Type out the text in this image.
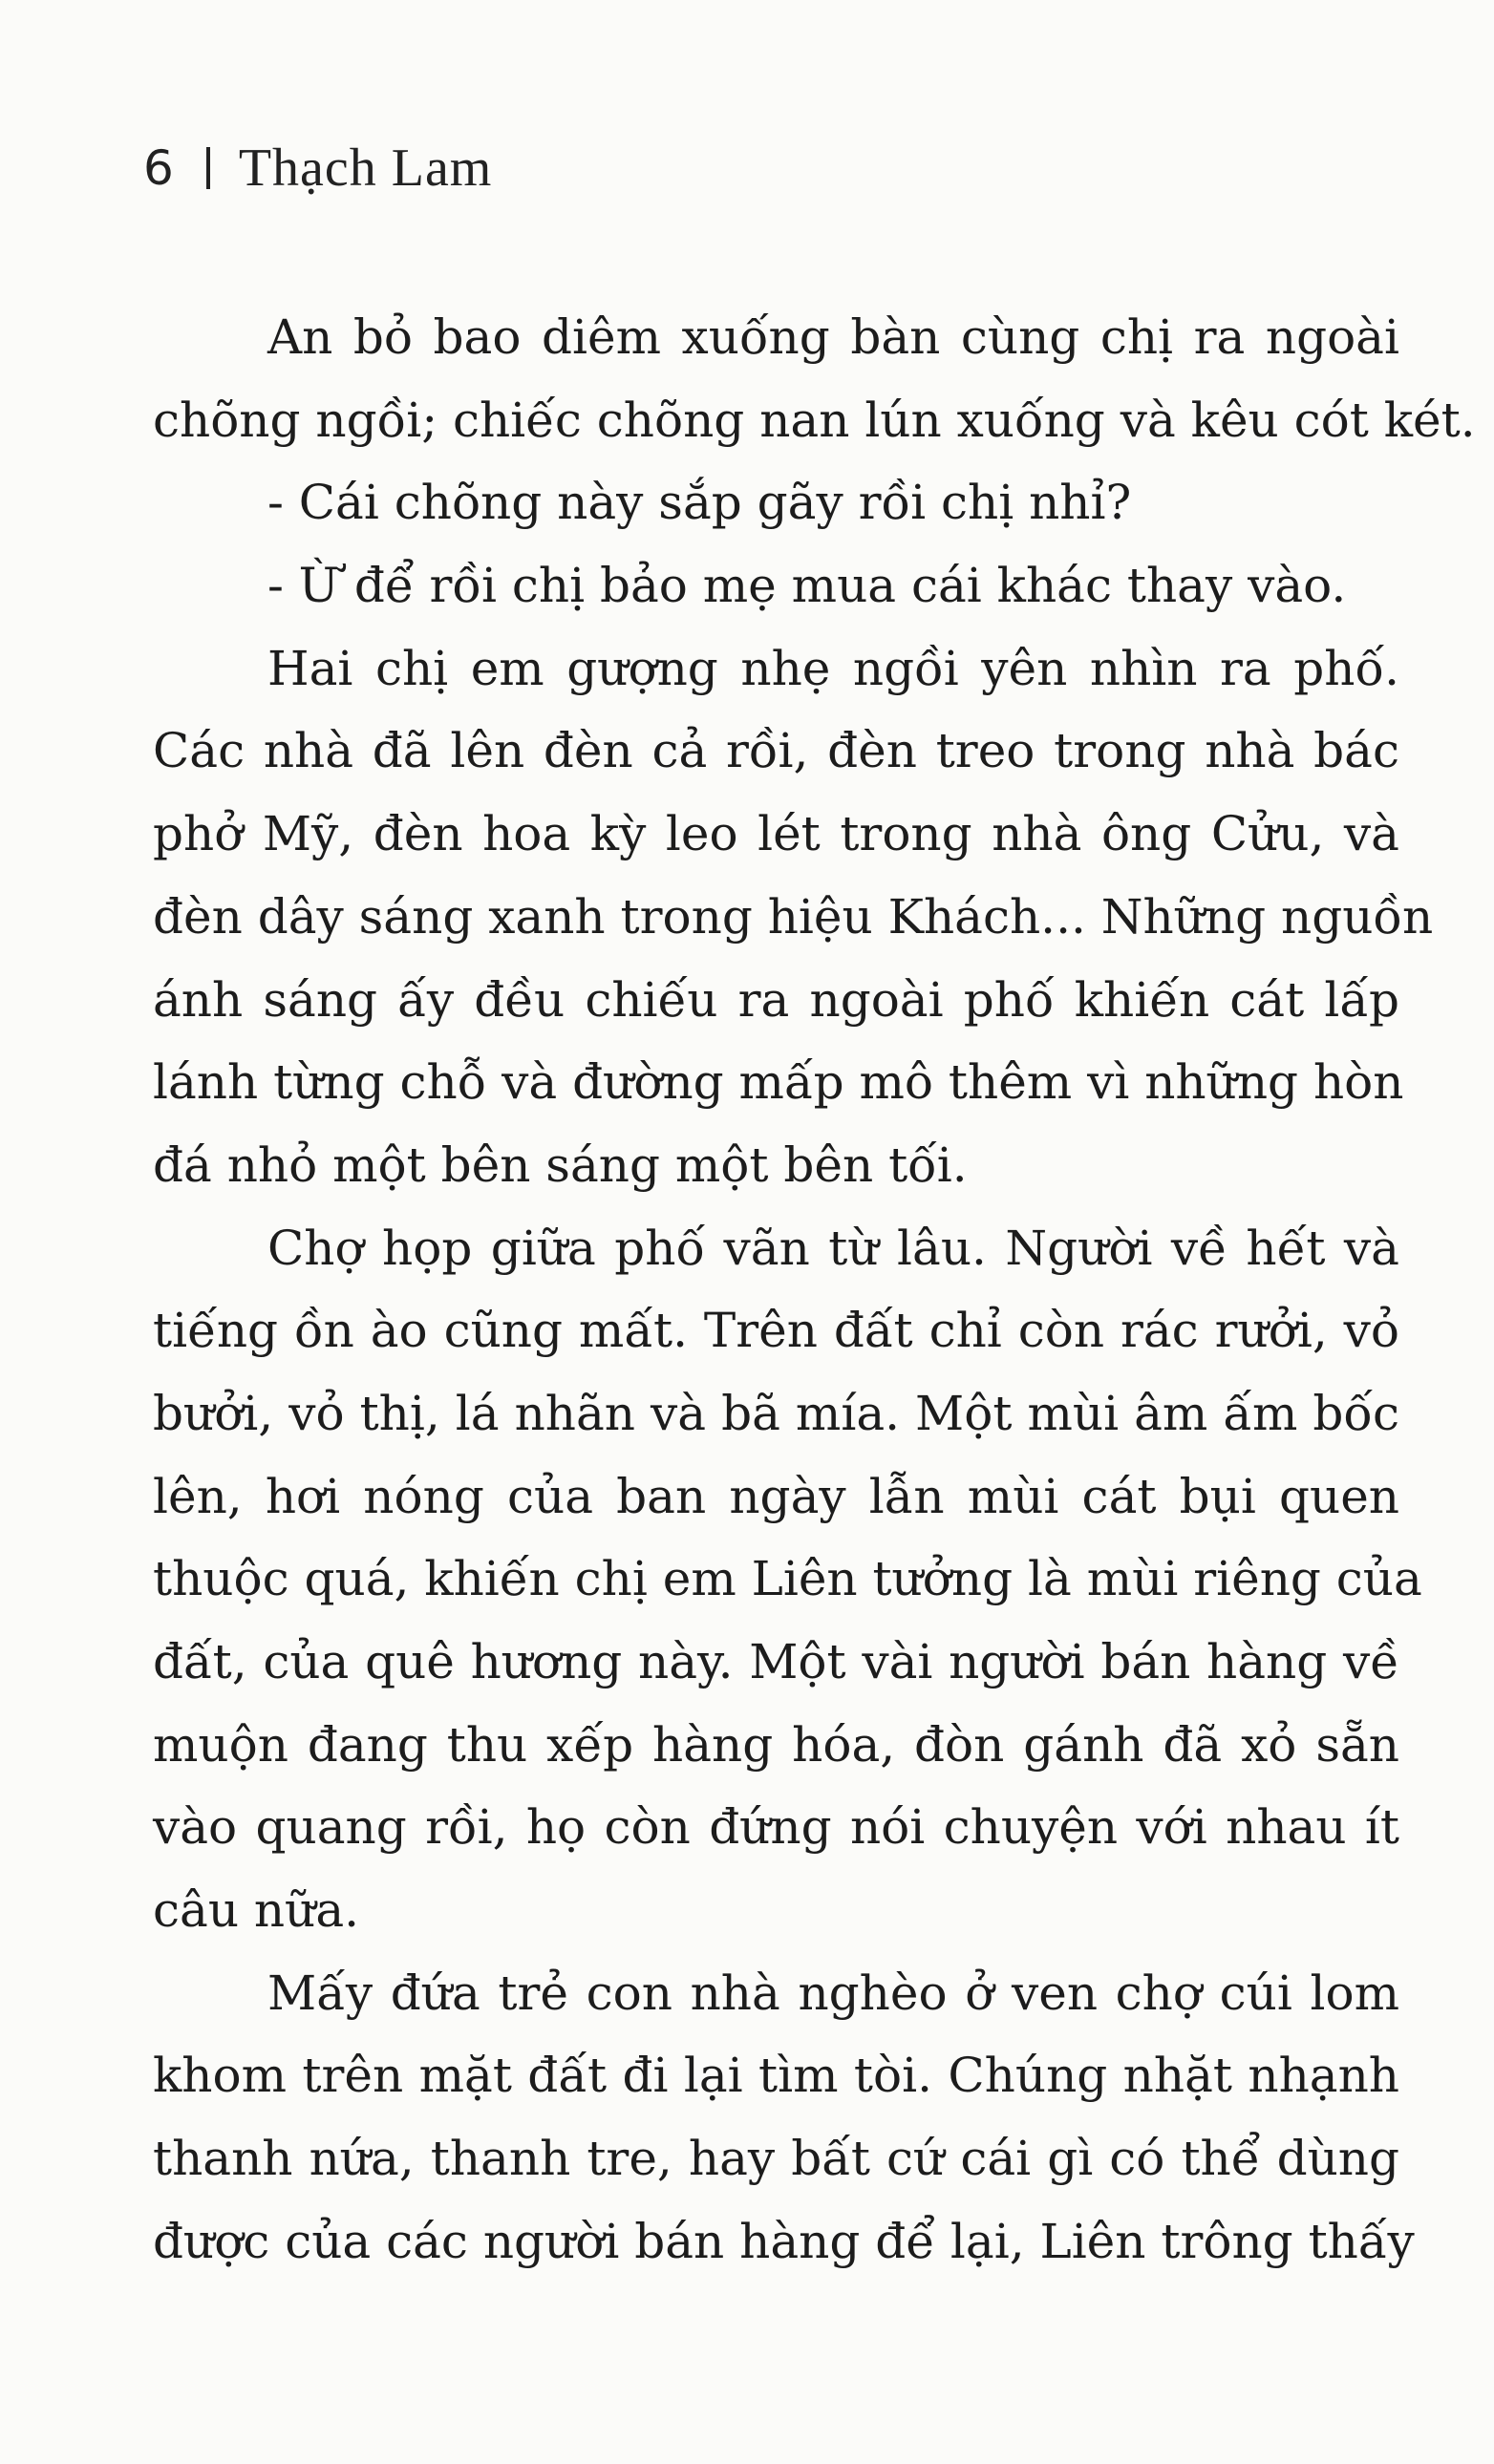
6 Thạch Lam
An bỏ bao diêm xuống bàn cùng chị ra ngoài
chõng ngồi; chiếc chõng nan lún xuống và kêu cót két.
- Cái chõng này sắp gãy rồi chị nhỉ?
- Ừ để rồi chị bảo mẹ mua cái khác thay vào.
Hai chị em gượng nhẹ ngồi yên nhìn ra phố.
Các nhà đã lên đèn cả rồi, đèn treo trong nhà bác
phở Mỹ, đèn hoa kỳ leo lét trong nhà ông Cửu, và
đèn dây sáng xanh trong hiệu Khách... Những nguồn
ánh sáng ấy đều chiếu ra ngoài phố khiến cát lấp
lánh từng chỗ và đường mấp mô thêm vì những hòn
đá nhỏ một bên sáng một bên tối.
Chợ họp giữa phố vãn từ lâu. Người về hết và
tiếng ồn ào cũng mất. Trên đất chỉ còn rác rưởi, vỏ
bưởi, vỏ thị, lá nhãn và bã mía. Một mùi âm ấm bốc
lên, hơi nóng của ban ngày lẫn mùi cát bụi quen
thuộc quá, khiến chị em Liên tưởng là mùi riêng của
đất, của quê hương này. Một vài người bán hàng về
muộn đang thu xếp hàng hóa, đòn gánh đã xỏ sẵn
vào quang rồi, họ còn đứng nói chuyện với nhau ít
câu nữa.
Mấy đứa trẻ con nhà nghèo ở ven chợ cúi lom
khom trên mặt đất đi lại tìm tòi. Chúng nhặt nhạnh
thanh nứa, thanh tre, hay bất cứ cái gì có thể dùng
được của các người bán hàng để lại, Liên trông thấy
